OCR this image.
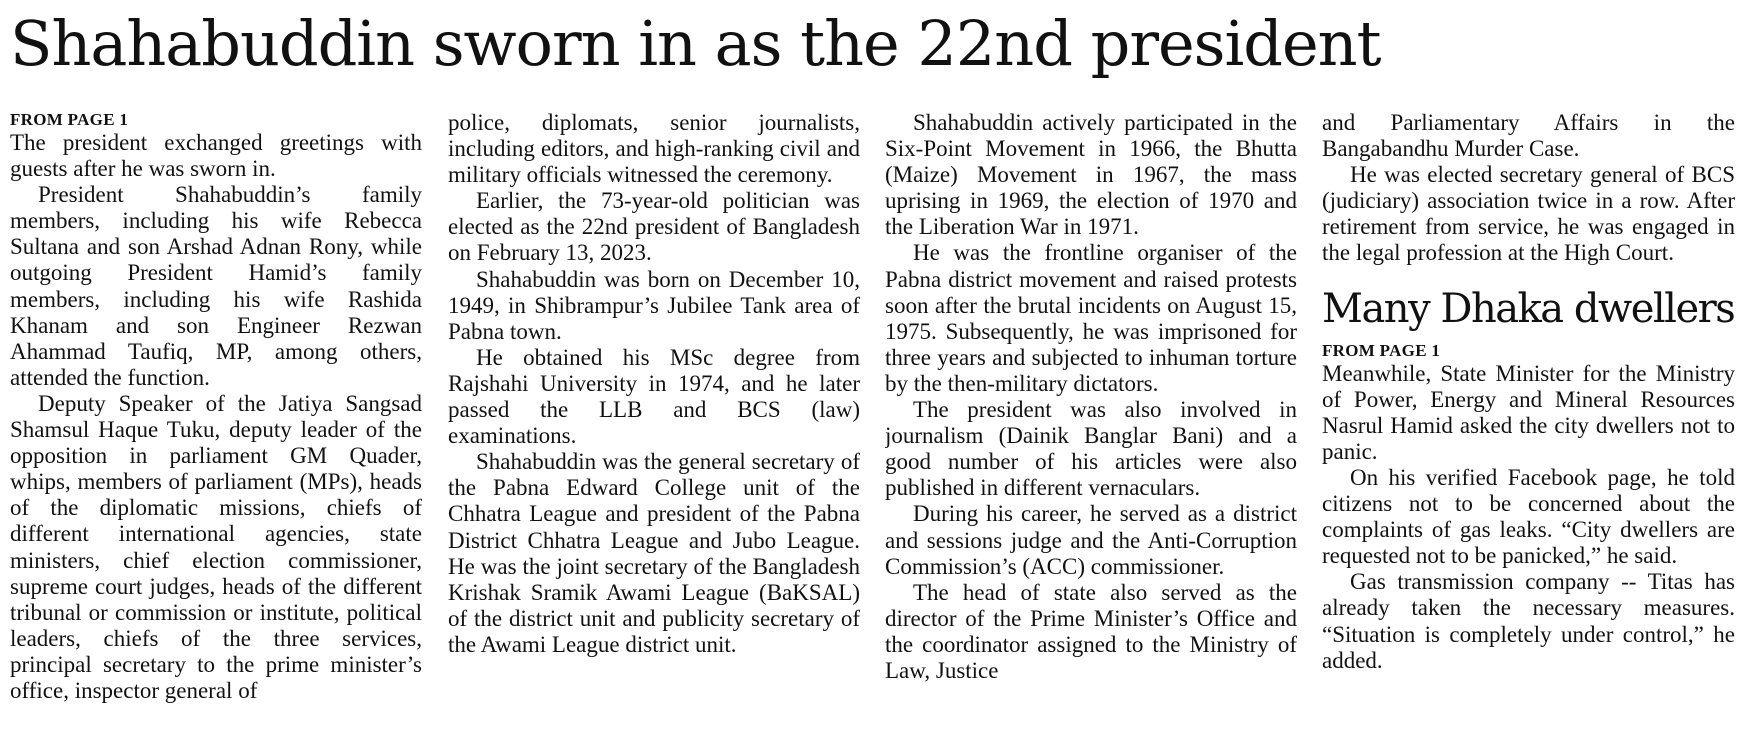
Shahabuddin sworn in as the 22nd president
FROM PAGE 1

The president exchanged greetings with guests after he was sworn in.

President Shahabuddin’s family members, including his wife Rebecca Sultana and son Arshad Adnan Rony, while outgoing President Hamid’s family members, including his wife Rashida Khanam and son Engineer Rezwan Ahammad Taufiq, MP, among others, attended the function.

Deputy Speaker of the Jatiya Sangsad Shamsul Haque Tuku, deputy leader of the opposition in parliament GM Quader, whips, members of parliament (MPs), heads of the diplomatic missions, chiefs of different international agencies, state ministers, chief election commissioner, supreme court judges, heads of the different tribunal or commission or institute, political leaders, chiefs of the three services, principal secretary to the prime minister’s office, inspector general of

police, diplomats, senior journalists, including editors, and high-ranking civil and military officials witnessed the ceremony.

Earlier, the 73-year-old politician was elected as the 22nd president of Bangladesh on February 13, 2023.

Shahabuddin was born on December 10, 1949, in Shibrampur’s Jubilee Tank area of Pabna town.

He obtained his MSc degree from Rajshahi University in 1974, and he later passed the LLB and BCS (law) examinations.

Shahabuddin was the general secretary of the Pabna Edward College unit of the Chhatra League and president of the Pabna District Chhatra League and Jubo League. He was the joint secretary of the Bangladesh Krishak Sramik Awami League (BaKSAL) of the district unit and publicity secretary of the Awami League district unit.

Shahabuddin actively participated in the Six-Point Movement in 1966, the Bhutta (Maize) Movement in 1967, the mass uprising in 1969, the election of 1970 and the Liberation War in 1971.

He was the frontline organiser of the Pabna district movement and raised protests soon after the brutal incidents on August 15, 1975. Subsequently, he was imprisoned for three years and subjected to inhuman torture by the then-military dictators.

The president was also involved in journalism (Dainik Banglar Bani) and a good number of his articles were also published in different vernaculars.

During his career, he served as a district and sessions judge and the Anti-Corruption Commission’s (ACC) commissioner.

The head of state also served as the director of the Prime Minister’s Office and the coordinator assigned to the Ministry of Law, Justice

and Parliamentary Affairs in the Bangabandhu Murder Case.

He was elected secretary general of BCS (judiciary) association twice in a row. After retirement from service, he was engaged in the legal profession at the High Court.

Many Dhaka dwellers
FROM PAGE 1

Meanwhile, State Minister for the Ministry of Power, Energy and Mineral Resources Nasrul Hamid asked the city dwellers not to panic.

On his verified Facebook page, he told citizens not to be concerned about the complaints of gas leaks. “City dwellers are requested not to be panicked,” he said.

Gas transmission company -- Titas has already taken the necessary measures. “Situation is completely under control,” he added.
